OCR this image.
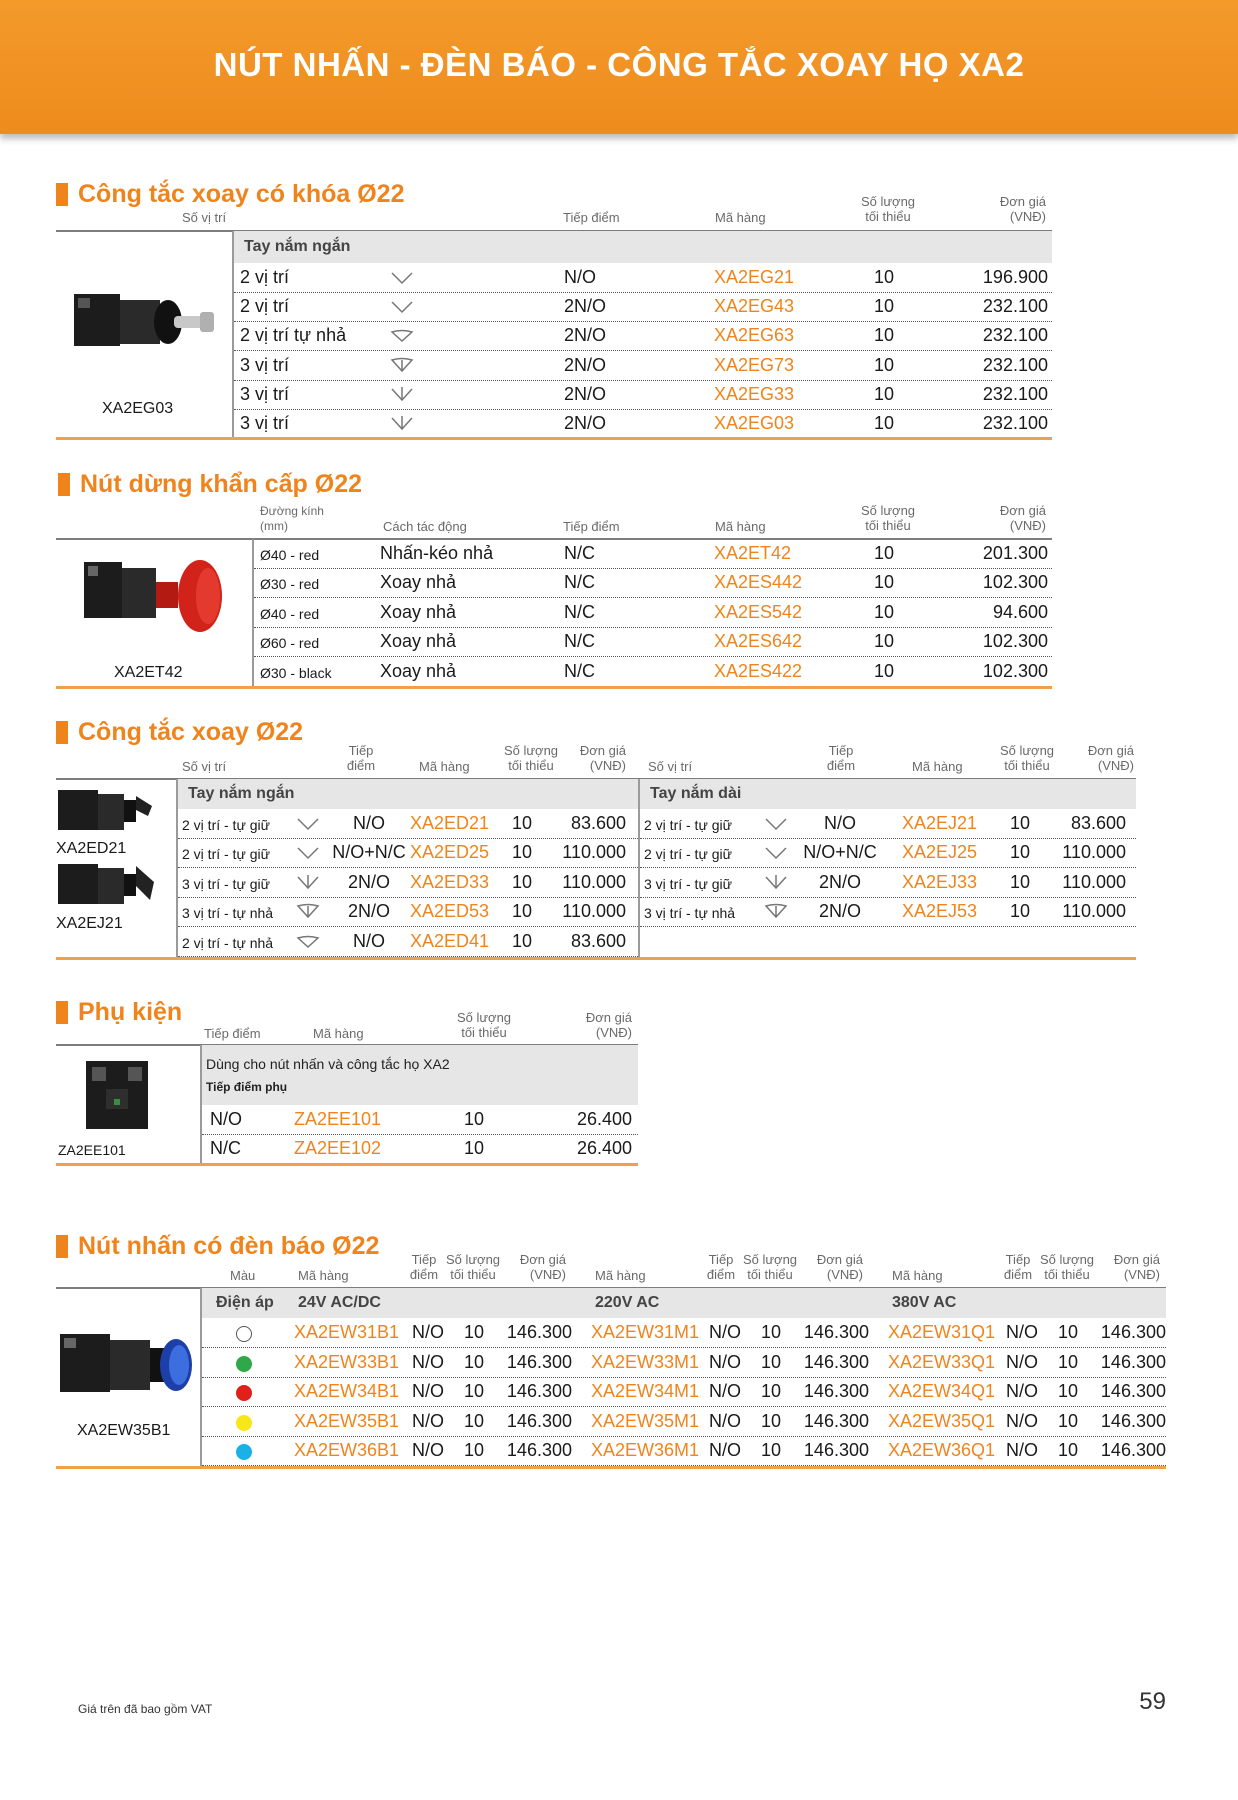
NÚT NHẤN - ĐÈN BÁO - CÔNG TẮC XOAY HỌ XA2
Công tắc xoay có khóa Ø22
Số vị trí	Tiếp điểm	Mã hàng
Số lượng
tối thiểu
Đơn giá
(VNĐ)
Tay nắm ngắn
XA2EG03
2 vị trí	N/O	XA2EG21	10	196.900
2 vị trí	2N/O	XA2EG43	10	232.100
2 vị trí tự nhả	2N/O	XA2EG63	10	232.100
3 vị trí	2N/O	XA2EG73	10	232.100
3 vị trí	2N/O	XA2EG33	10	232.100
3 vị trí	2N/O	XA2EG03	10	232.100
Nút dừng khẩn cấp Ø22
Đường kính
(mm)	Cách tác động	Tiếp điểm	Mã hàng
Số lượng
tối thiểu
Đơn giá
(VNĐ)
XA2ET42
Ø40 - red	Nhấn-kéo nhả	N/C	XA2ET42	10	201.300
Ø30 - red	Xoay nhả	N/C	XA2ES442	10	102.300
Ø40 - red	Xoay nhả	N/C	XA2ES542	10	94.600
Ø60 - red	Xoay nhả	N/C	XA2ES642	10	102.300
Ø30 - black	Xoay nhả	N/C	XA2ES422	10	102.300
Công tắc xoay Ø22
Số vị trí
Tiếp
điểm	Mã hàng
Số lượng
tối thiểu
Đơn giá
(VNĐ) Số vị trí
Tiếp
điểm	Mã hàng
Số lượng
tối thiểu
Đơn giá
(VNĐ)
Tay nắm ngắn	Tay nắm dài
XA2ED21
XA2EJ21
2 vị trí - tự giữ	N/O	XA2ED21 10	83.600
2 vị trí - tự giữ	N/O+N/C XA2ED25 10	110.000
3 vị trí - tự giữ	2N/O	XA2ED33 10	110.000
3 vị trí - tự nhả	2N/O	XA2ED53 10	110.000
2 vị trí - tự nhả	N/O	XA2ED41 10	83.600
2 vị trí - tự giữ	N/O	XA2EJ21 10	83.600
2 vị trí - tự giữ	N/O+N/C	XA2EJ25 10	110.000
3 vị trí - tự giữ	2N/O	XA2EJ33 10	110.000
3 vị trí - tự nhả	2N/O	XA2EJ53 10	110.000
Phụ kiện
Tiếp điểm	Mã hàng
Số lượng
tối thiểu
Đơn giá
(VNĐ)
Dùng cho nút nhấn và công tắc họ XA2
Tiếp điểm phụ
ZA2EE101
N/O	ZA2EE101	10	26.400
N/C	ZA2EE102	10	26.400
Nút nhấn có đèn báo Ø22
Màu	Mã hàng
Tiếp
điểm
Số lượng
tối thiểu
Đơn giá
(VNĐ) Mã hàng
Tiếp
điểm
Số lượng
tối thiểu
Đơn giá
(VNĐ) Mã hàng
Tiếp
điểm
Số lượng
tối thiểu
Đơn giá
(VNĐ)
Điện áp 24V AC/DC	220V AC	380V AC
XA2EW35B1
XA2EW31B1 N/O 10	146.300 XA2EW31M1 N/O 10	146.300 XA2EW31Q1 N/O 10	146.300
XA2EW33B1 N/O 10	146.300 XA2EW33M1 N/O 10	146.300 XA2EW33Q1 N/O 10	146.300
XA2EW34B1 N/O 10	146.300 XA2EW34M1 N/O 10	146.300 XA2EW34Q1 N/O 10	146.300
XA2EW35B1 N/O 10	146.300 XA2EW35M1 N/O 10	146.300 XA2EW35Q1 N/O 10	146.300
XA2EW36B1 N/O 10	146.300 XA2EW36M1 N/O 10	146.300 XA2EW36Q1 N/O 10	146.300
Giá trên đã bao gồm VAT	59
